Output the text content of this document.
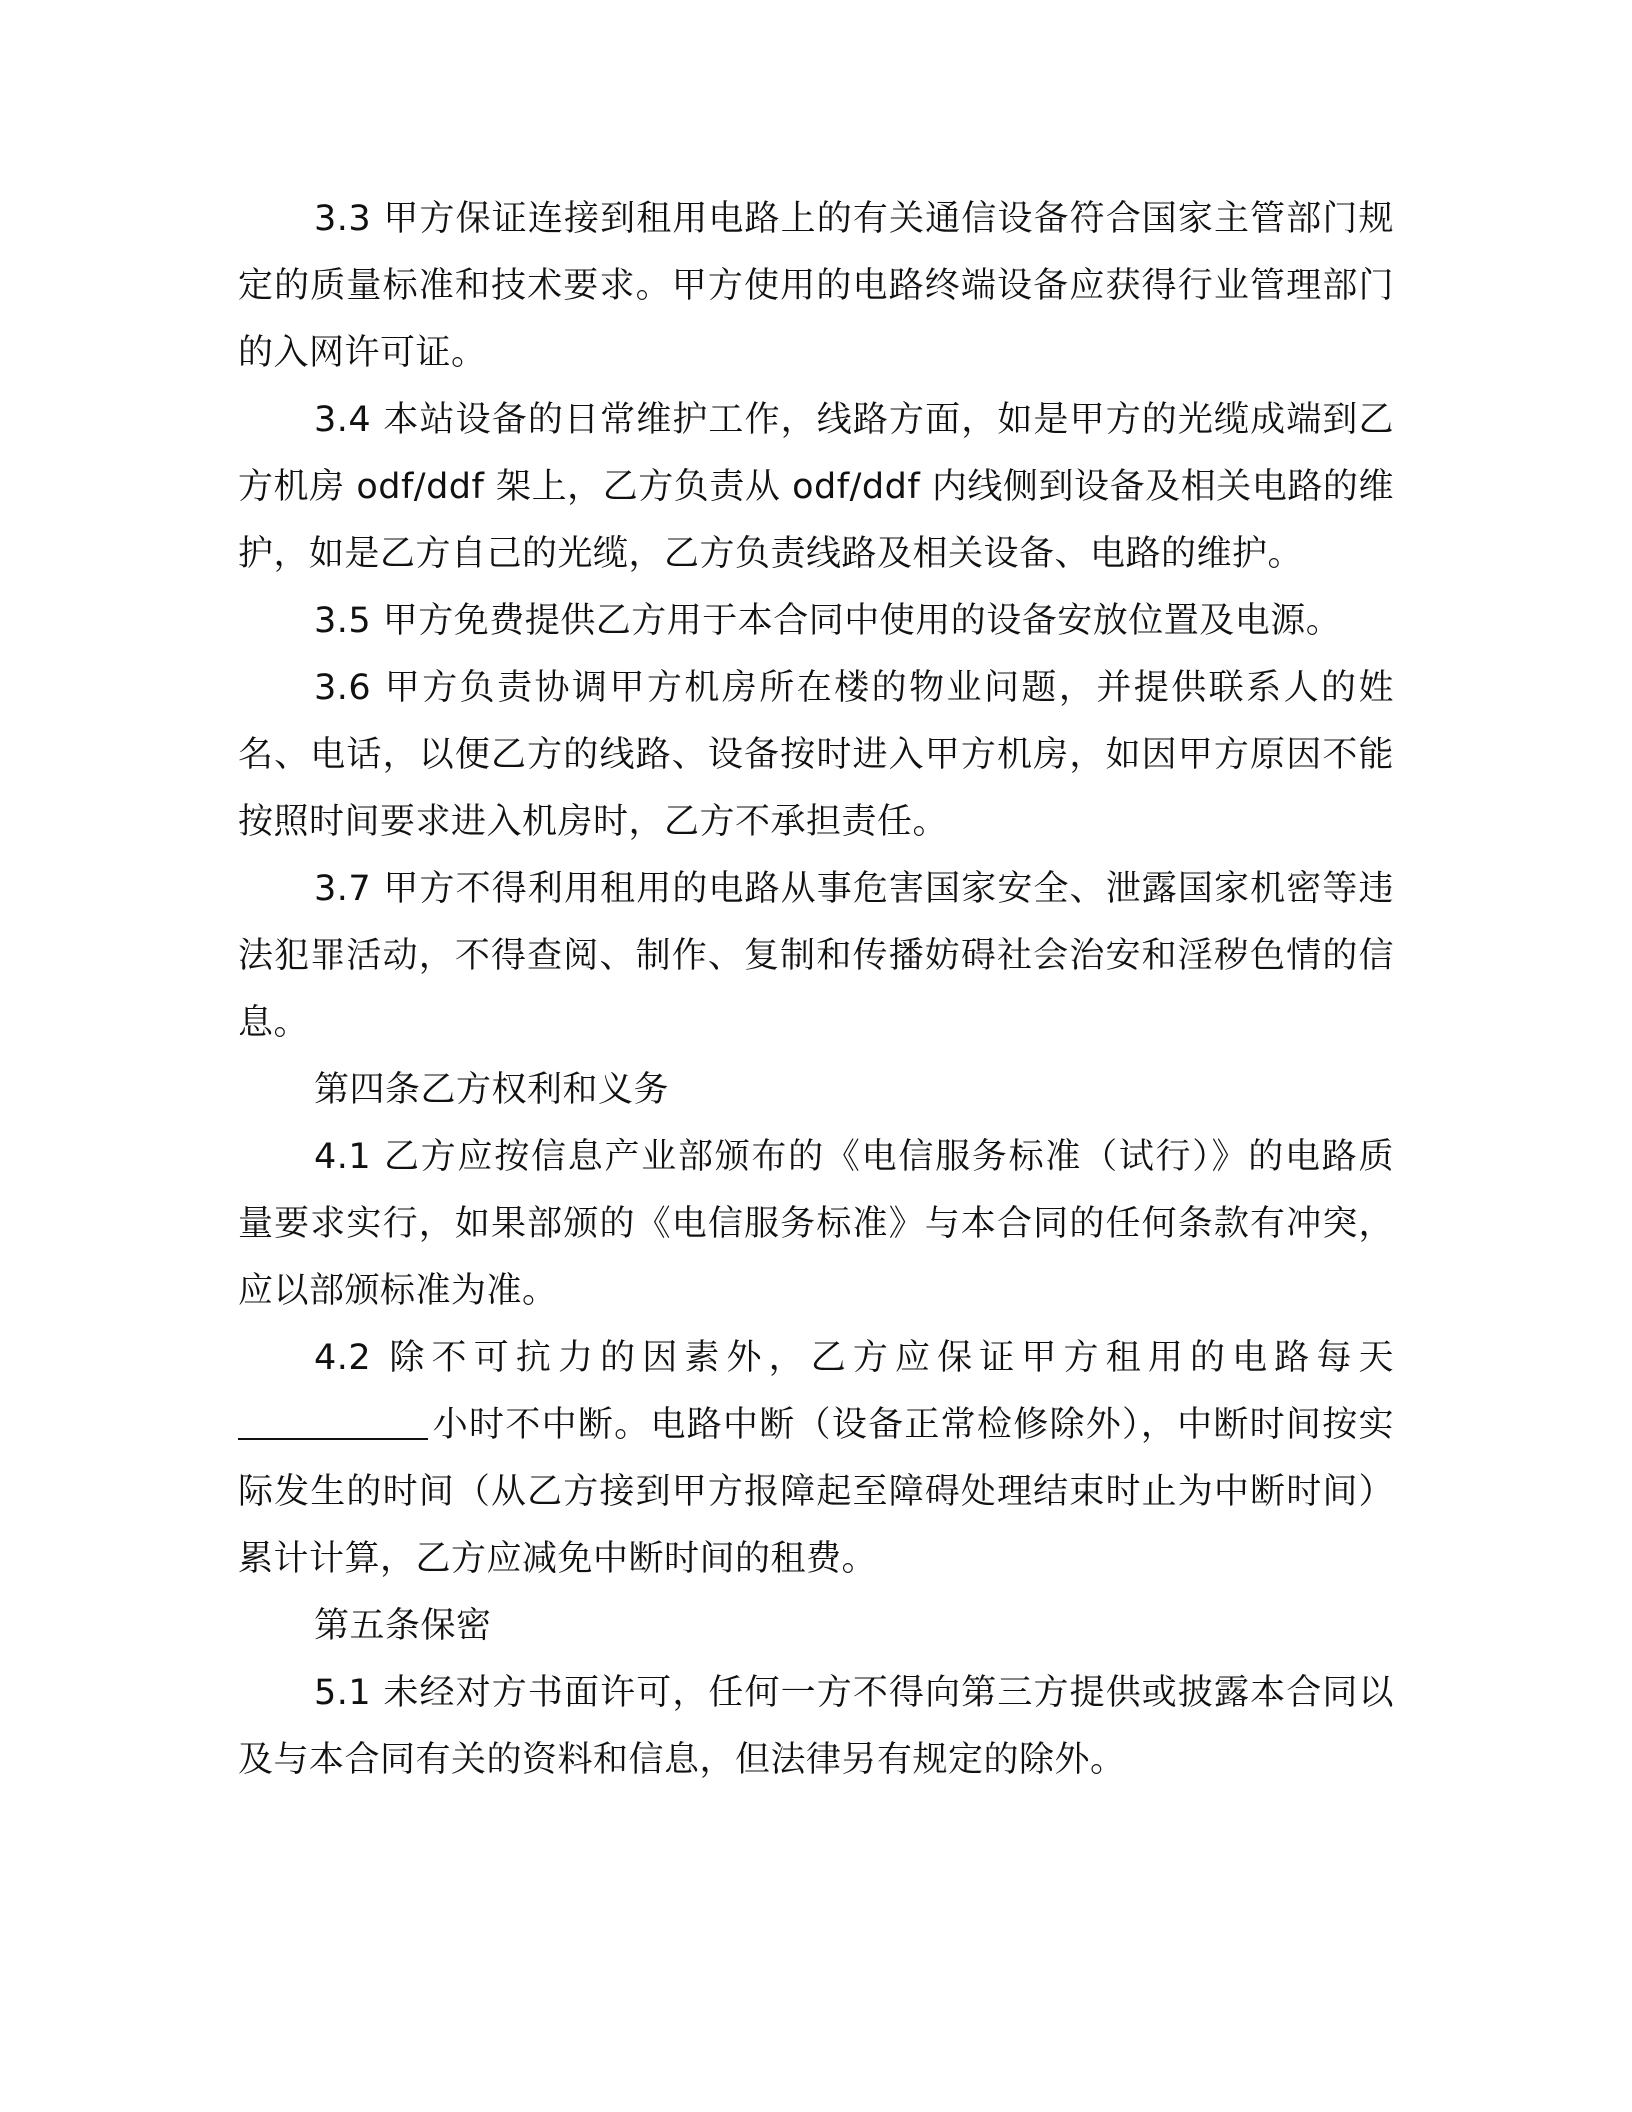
3.3 甲方保证连接到租用电路上的有关通信设备符合国家主管部门规定的质量标准和技术要求。甲方使用的电路终端设备应获得行业管理部门的入网许可证。

3.4 本站设备的日常维护工作，线路方面，如是甲方的光缆成端到乙方机房 odf/ddf 架上，乙方负责从 odf/ddf 内线侧到设备及相关电路的维护，如是乙方自己的光缆，乙方负责线路及相关设备、电路的维护。

3.5 甲方免费提供乙方用于本合同中使用的设备安放位置及电源。

3.6 甲方负责协调甲方机房所在楼的物业问题，并提供联系人的姓名、电话，以便乙方的线路、设备按时进入甲方机房，如因甲方原因不能按照时间要求进入机房时，乙方不承担责任。

3.7 甲方不得利用租用的电路从事危害国家安全、泄露国家机密等违法犯罪活动，不得查阅、制作、复制和传播妨碍社会治安和淫秽色情的信息。

第四条乙方权利和义务

4.1 乙方应按信息产业部颁布的《电信服务标准（试行）》的电路质量要求实行，如果部颁的《电信服务标准》与本合同的任何条款有冲突，应以部颁标准为准。

4.2 除不可抗力的因素外，乙方应保证甲方租用的电路每天小时不中断。电路中断（设备正常检修除外），中断时间按实际发生的时间（从乙方接到甲方报障起至障碍处理结束时止为中断时间）累计计算，乙方应减免中断时间的租费。

第五条保密

5.1 未经对方书面许可，任何一方不得向第三方提供或披露本合同以及与本合同有关的资料和信息，但法律另有规定的除外。
